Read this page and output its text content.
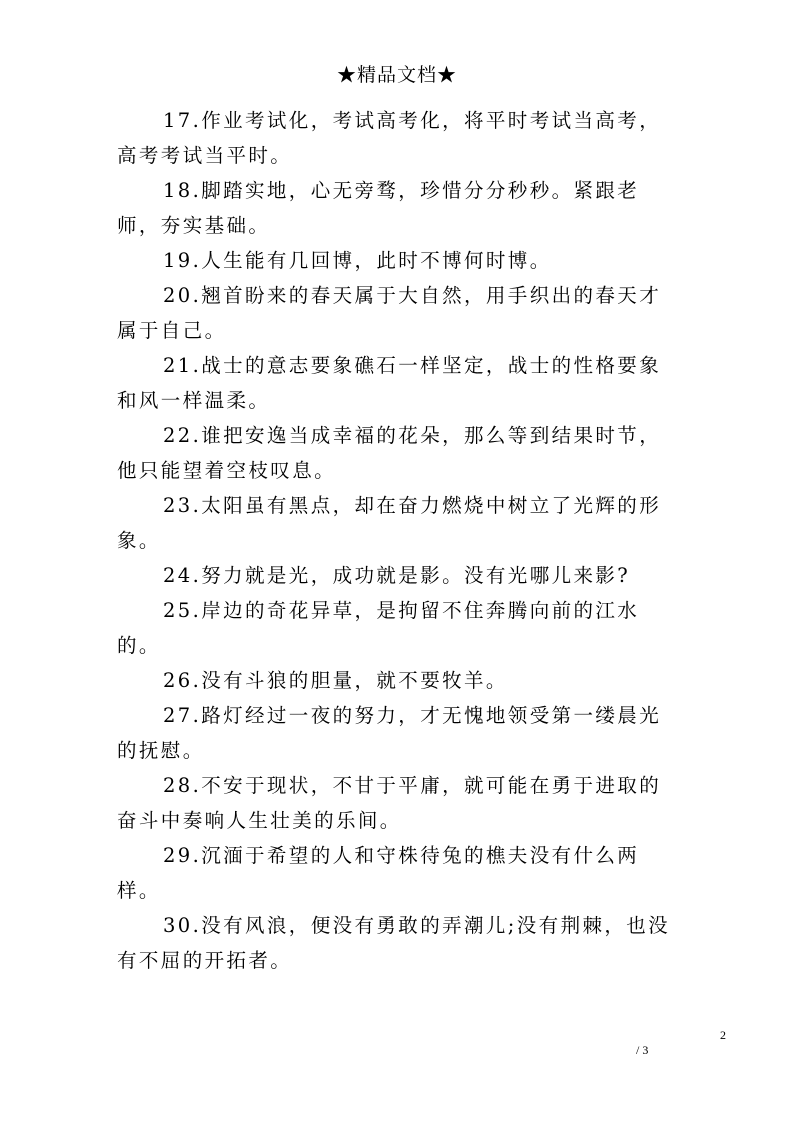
★精品文档★

17.作业考试化，考试高考化，将平时考试当高考，高考考试当平时。

18.脚踏实地，心无旁骛，珍惜分分秒秒。紧跟老师，夯实基础。

19.人生能有几回博，此时不博何时博。

20.翘首盼来的春天属于大自然，用手织出的春天才属于自己。

21.战士的意志要象礁石一样坚定，战士的性格要象和风一样温柔。

22.谁把安逸当成幸福的花朵，那么等到结果时节，他只能望着空枝叹息。

23.太阳虽有黑点，却在奋力燃烧中树立了光辉的形象。

24.努力就是光，成功就是影。没有光哪儿来影?

25.岸边的奇花异草，是拘留不住奔腾向前的江水的。

26.没有斗狼的胆量，就不要牧羊。

27.路灯经过一夜的努力，才无愧地领受第一缕晨光的抚慰。

28.不安于现状，不甘于平庸，就可能在勇于进取的奋斗中奏响人生壮美的乐间。

29.沉湎于希望的人和守株待兔的樵夫没有什么两样。

30.没有风浪，便没有勇敢的弄潮儿;没有荆棘，也没有不屈的开拓者。

2
/ 3
